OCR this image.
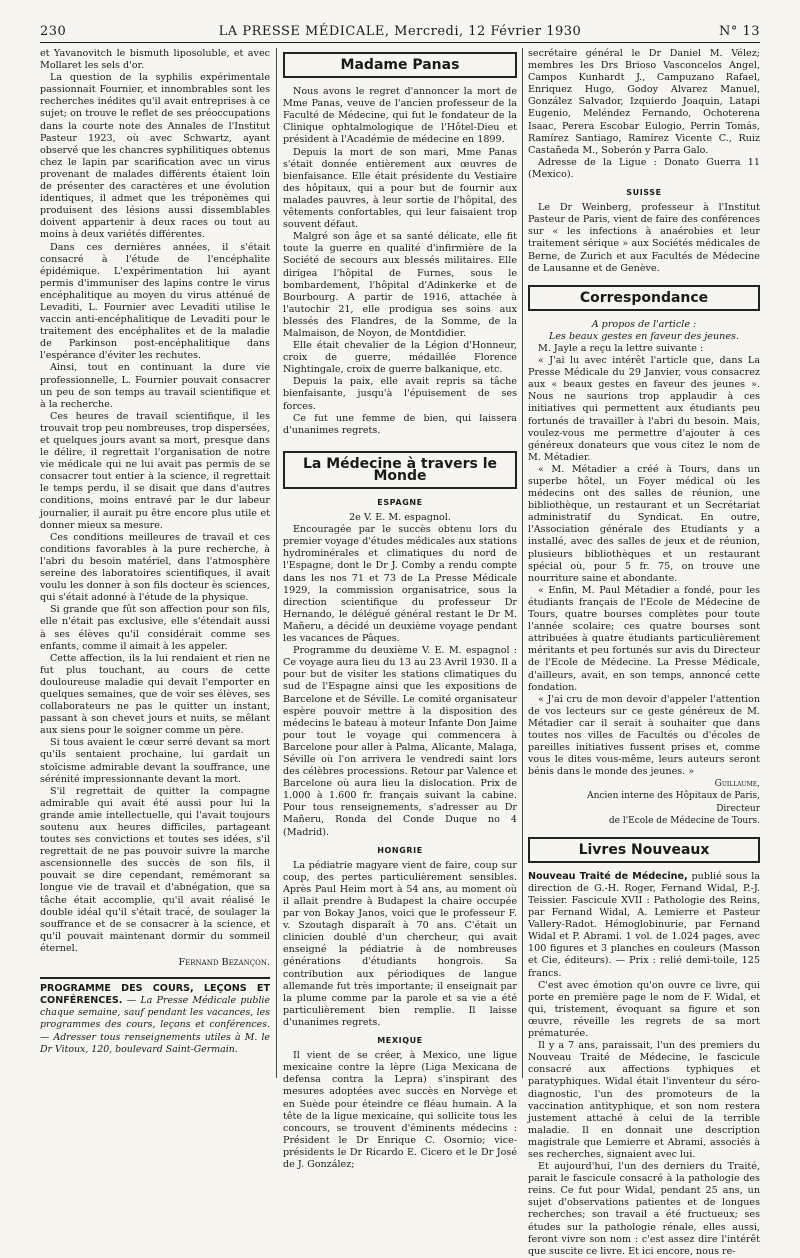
230	LA PRESSE MÉDICALE, Mercredi, 12 Février 1930	N° 13

et Yavanovitch le bismuth liposoluble, et avec Mollaret les sels d'or.

La question de la syphilis expérimentale passionnait Fournier, et innombrables sont les recherches inédites qu'il avait entreprises à ce sujet; on trouve le reflet de ses préoccupations dans la courte note des Annales de l'Institut Pasteur 1923, où avec Schwartz, ayant observé que les chancres syphilitiques obtenus chez le lapin par scarification avec un virus provenant de malades différents étaient loin de présenter des caractères et une évolution identiques, il admet que les tréponèmes qui produisent des lésions aussi dissemblables doivent appartenir à deux races ou tout au moins à deux variétés différentes.

Dans ces dernières années, il s'était consacré à l'étude de l'encéphalite épidémique. L'expérimentation lui ayant permis d'immuniser des lapins contre le virus encéphalitique au moyen du virus atténué de Levaditi, L. Fournier avec Levaditi utilise le vaccin anti-encéphalitique de Levaditi pour le traitement des encéphalites et de la maladie de Parkinson post-encéphalitique dans l'espérance d'éviter les rechutes.

Ainsi, tout en continuant la dure vie professionnelle, L. Fournier pouvait consacrer un peu de son temps au travail scientifique et à la recherche.

Ces heures de travail scientifique, il les trouvait trop peu nombreuses, trop dispersées, et quelques jours avant sa mort, presque dans le délire, il regrettait l'organisation de notre vie médicale qui ne lui avait pas permis de se consacrer tout entier à la science, il regrettait le temps perdu, il se disait que dans d'autres conditions, moins entravé par le dur labeur journalier, il aurait pu être encore plus utile et donner mieux sa mesure.

Ces conditions meilleures de travail et ces conditions favorables à la pure recherche, à l'abri du besoin matériel, dans l'atmosphère sereine des laboratoires scientifiques, il avait voulu les donner à son fils docteur ès sciences, qui s'était adonné à l'étude de la physique.

Si grande que fût son affection pour son fils, elle n'était pas exclusive, elle s'étendait aussi à ses élèves qu'il considérait comme ses enfants, comme il aimait à les appeler.

Cette affection, ils la lui rendaient et rien ne fut plus touchant, au cours de cette douloureuse maladie qui devait l'emporter en quelques semaines, que de voir ses élèves, ses collaborateurs ne pas le quitter un instant, passant à son chevet jours et nuits, se mêlant aux siens pour le soigner comme un père.

Si tous avaient le cœur serré devant sa mort qu'ils sentaient prochaine, lui gardait un stoïcisme admirable devant la souffrance, une sérénité impressionnante devant la mort.

S'il regrettait de quitter la compagne admirable qui avait été aussi pour lui la grande amie intellectuelle, qui l'avait toujours soutenu aux heures difficiles, partageant toutes ses convictions et toutes ses idées, s'il regrettait de ne pas pouvoir suivre la marche ascensionnelle des succès de son fils, il pouvait se dire cependant, remémorant sa longue vie de travail et d'abnégation, que sa tâche était accomplie, qu'il avait réalisé le double idéal qu'il s'était tracé, de soulager la souffrance et de se consacrer à la science, et qu'il pouvait maintenant dormir du sommeil éternel.

Fernand Bezançon.

PROGRAMME DES COURS, LEÇONS ET CONFÉRENCES. — La Presse Médicale publie chaque semaine, sauf pendant les vacances, les programmes des cours, leçons et conférences. — Adresser tous renseignements utiles à M. le Dr Vitoux, 120, boulevard Saint-Germain.
Madame Panas

Nous avons le regret d'annoncer la mort de Mme Panas, veuve de l'ancien professeur de la Faculté de Médecine, qui fut le fondateur de la Clinique ophtalmologique de l'Hôtel-Dieu et président à l'Académie de médecine en 1899.

Depuis la mort de son mari, Mme Panas s'était donnée entièrement aux œuvres de bienfaisance. Elle était présidente du Vestiaire des hôpitaux, qui a pour but de fournir aux malades pauvres, à leur sortie de l'hôpital, des vêtements confortables, qui leur faisaient trop souvent défaut.

Malgré son âge et sa santé délicate, elle fit toute la guerre en qualité d'infirmière de la Société de secours aux blessés militaires. Elle dirigea l'hôpital de Furnes, sous le bombardement, l'hôpital d'Adinkerke et de Bourbourg. A partir de 1916, attachée à l'autochir 21, elle prodigua ses soins aux blessés des Flandres, de la Somme, de la Malmaison, de Noyon, de Montdidier.

Elle était chevalier de la Légion d'Honneur, croix de guerre, médaillée Florence Nightingale, croix de guerre balkanique, etc.

Depuis la paix, elle avait repris sa tâche bienfaisante, jusqu'à l'épuisement de ses forces.

Ce fut une femme de bien, qui laissera d'unanimes regrets.

La Médecine à travers le Monde
ESPAGNE

2e V. E. M. espagnol.

Encouragée par le succès obtenu lors du premier voyage d'études médicales aux stations hydrominérales et climatiques du nord de l'Espagne, dont le Dr J. Comby a rendu compte dans les nos 71 et 73 de La Presse Médicale 1929, la commission organisatrice, sous la direction scientifique du professeur Dr Hernando, le délégué général restant le Dr M. Mañeru, a décidé un deuxième voyage pendant les vacances de Pâques.

Programme du deuxième V. E. M. espagnol : Ce voyage aura lieu du 13 au 23 Avril 1930. Il a pour but de visiter les stations climatiques du sud de l'Espagne ainsi que les expositions de Barcelone et de Séville. Le comité organisateur espère pouvoir mettre à la disposition des médecins le bateau à moteur Infante Don Jaime pour tout le voyage qui commencera à Barcelone pour aller à Palma, Alicante, Malaga, Séville où l'on arrivera le vendredi saint lors des célèbres processions. Retour par Valence et Barcelone où aura lieu la dislocation. Prix de 1.000 à 1.600 fr. français suivant la cabine. Pour tous renseignements, s'adresser au Dr Mañeru, Ronda del Conde Duque no 4 (Madrid).

HONGRIE

La pédiatrie magyare vient de faire, coup sur coup, des pertes particulièrement sensibles. Après Paul Heim mort à 54 ans, au moment où il allait prendre à Budapest la chaire occupée par von Bokay Janos, voici que le professeur F. v. Szoutagh disparaît à 70 ans. C'était un clinicien doublé d'un chercheur, qui avait enseigné la pédiatrie à de nombreuses générations d'étudiants hongrois. Sa contribution aux périodiques de langue allemande fut très importante; il enseignait par la plume comme par la parole et sa vie a été particulièrement bien remplie. Il laisse d'unanimes regrets.

MEXIQUE

Il vient de se créer, à Mexico, une ligue mexicaine contre la lèpre (Liga Mexicana de defensa contra la Lepra) s'inspirant des mesures adoptées avec succès en Norvège et en Suède pour éteindre ce fléau humain. A la tête de la ligue mexicaine, qui sollicite tous les concours, se trouvent d'éminents médecins : Président le Dr Enrique C. Osornio; vice-présidents le Dr Ricardo E. Cicero et le Dr José de J. González;

secrétaire général le Dr Daniel M. Vélez; membres les Drs Brioso Vasconcelos Angel, Campos Kunhardt J., Campuzano Rafael, Enriquez Hugo, Godoy Alvarez Manuel, González Salvador, Izquierdo Joaquin, Latapi Eugenio, Meléndez Fernando, Ochoterena Isaac, Perera Escobar Eulogio, Perrin Tomás, Ramírez Santiago, Ramírez Vicente C., Ruiz Castañeda M., Soberón y Parra Galo.

Adresse de la Ligue : Donato Guerra 11 (Mexico).

SUISSE

Le Dr Weinberg, professeur à l'Institut Pasteur de Paris, vient de faire des conférences sur « les infections à anaérobies et leur traitement sérique » aux Sociétés médicales de Berne, de Zurich et aux Facultés de Médecine de Lausanne et de Genève.

Correspondance

A propos de l'article :

Les beaux gestes en faveur des jeunes.

M. Jayle a reçu la lettre suivante :

« J'ai lu avec intérêt l'article que, dans La Presse Médicale du 29 Janvier, vous consacrez aux « beaux gestes en faveur des jeunes ». Nous ne saurions trop applaudir à ces initiatives qui permettent aux étudiants peu fortunés de travailler à l'abri du besoin. Mais, voulez-vous me permettre d'ajouter à ces généreux donateurs que vous citez le nom de M. Métadier.

« M. Métadier a créé à Tours, dans un superbe hôtel, un Foyer médical où les médecins ont des salles de réunion, une bibliothèque, un restaurant et un Secrétariat administratif du Syndicat. En outre, l'Association générale des Etudiants y a installé, avec des salles de jeux et de réunion, plusieurs bibliothèques et un restaurant spécial où, pour 5 fr. 75, on trouve une nourriture saine et abondante.

« Enfin, M. Paul Métadier a fondé, pour les étudiants français de l'Ecole de Médecine de Tours, quatre bourses complètes pour toute l'année scolaire; ces quatre bourses sont attribuées à quatre étudiants particulièrement méritants et peu fortunés sur avis du Directeur de l'Ecole de Médecine. La Presse Médicale, d'ailleurs, avait, en son temps, annoncé cette fondation.

« J'ai cru de mon devoir d'appeler l'attention de vos lecteurs sur ce geste généreux de M. Métadier car il serait à souhaiter que dans toutes nos villes de Facultés ou d'écoles de pareilles initiatives fussent prises et, comme vous le dites vous-même, leurs auteurs seront bénis dans le monde des jeunes. »

Guillaume,

Ancien interne des Hôpitaux de Paris,

Directeur

de l'Ecole de Médecine de Tours.

Livres Nouveaux

Nouveau Traité de Médecine, publié sous la direction de G.-H. Roger, Fernand Widal, P.-J. Teissier. Fascicule XVII : Pathologie des Reins, par Fernand Widal, A. Lemierre et Pasteur Vallery-Radot. Hémoglobinurie, par Fernand Widal et P. Abrami. 1 vol. de 1.024 pages, avec 100 figures et 3 planches en couleurs (Masson et Cie, éditeurs). — Prix : relié demi-toile, 125 francs.

C'est avec émotion qu'on ouvre ce livre, qui porte en première page le nom de F. Widal, et qui, tristement, évoquant sa figure et son œuvre, réveille les regrets de sa mort prématurée.

Il y a 7 ans, paraissait, l'un des premiers du Nouveau Traité de Médecine, le fascicule consacré aux affections typhiques et paratyphiques. Widal était l'inventeur du séro-diagnostic, l'un des promoteurs de la vaccination antityphique, et son nom restera justement attaché à celui de la terrible maladie. Il en donnait une description magistrale que Lemierre et Abrami, associés à ses recherches, signaient avec lui.

Et aujourd'hui, l'un des derniers du Traité, parait le fascicule consacré à la pathologie des reins. Ce fut pour Widal, pendant 25 ans, un sujet d'observations patientes et de longues recherches; son travail a été fructueux; ses études sur la pathologie rénale, elles aussi, feront vivre son nom : c'est assez dire l'intérêt que suscite ce livre. Et ici encore, nous re-
